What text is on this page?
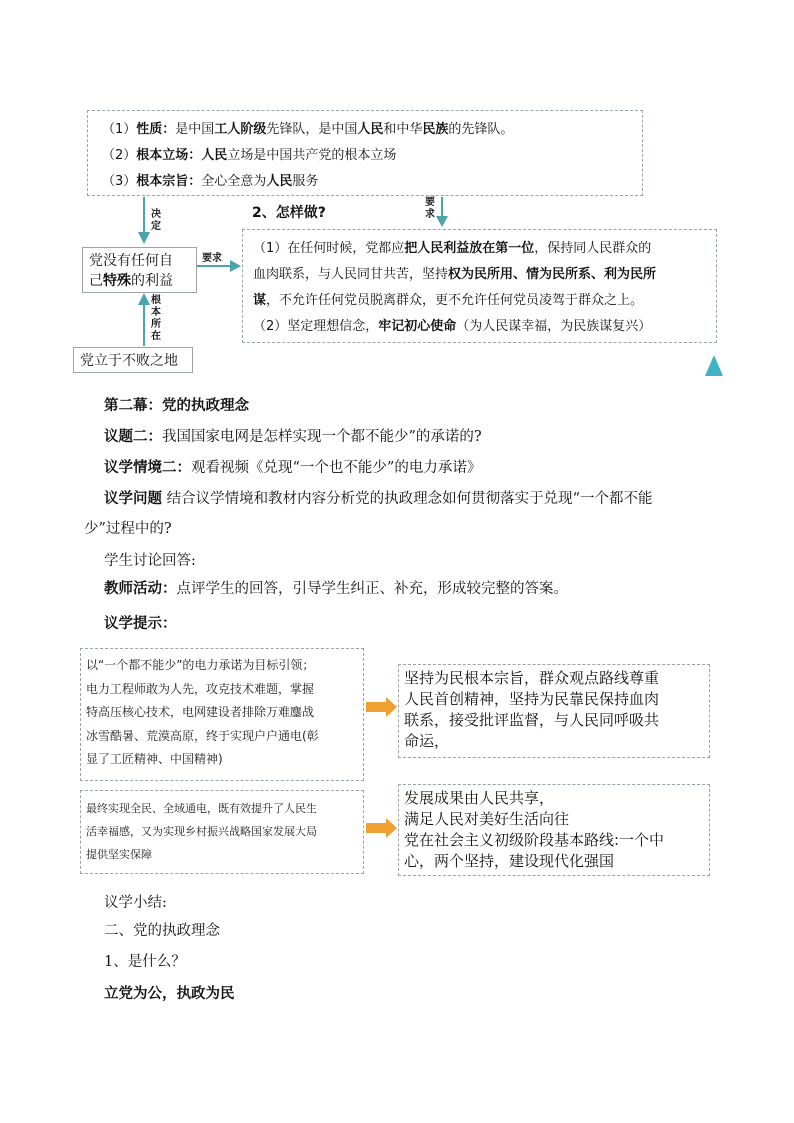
（1）性质：是中国工人阶级先锋队，是中国人民和中华民族的先锋队。
（2）根本立场：人民立场是中国共产党的根本立场
（3）根本宗旨：全心全意为人民服务
决定
要求
要求
根本所在
2、怎样做?
党没有任何自
己特殊的利益
党立于不败之地
（1）在任何时候，党都应把人民利益放在第一位，保持同人民群众的
血肉联系，与人民同甘共苦，坚持权为民所用、情为民所系、利为民所
谋，不允许任何党员脱离群众，更不允许任何党员凌驾于群众之上。
（2）坚定理想信念，牢记初心使命（为人民谋幸福，为民族谋复兴）
第二幕：党的执政理念
议题二：我国国家电网是怎样实现一个都不能少”的承诺的?
议学情境二：观看视频《兑现“一个也不能少”的电力承诺》
议学问题 结合议学情境和教材内容分析党的执政理念如何贯彻落实于兑现“一个都不能
少”过程中的?
学生讨论回答:
教师活动：点评学生的回答，引导学生纠正、补充，形成较完整的答案。
议学提示：
以“一个都不能少”的电力承诺为目标引领；
电力工程师敢为人先，攻克技术难题，掌握
特高压核心技术，电网建设者排除万难鏖战
冰雪酷暑、荒漠高原，终于实现户户通电(彰
显了工匠精神、中国精神)
坚持为民根本宗旨，群众观点路线尊重
人民首创精神，坚持为民靠民保持血肉
联系，接受批评监督，与人民同呼吸共
命运，
最终实现全民、全域通电，既有效提升了人民生
活幸福感，又为实现乡村振兴战略国家发展大局
提供坚实保障
发展成果由人民共享，
满足人民对美好生活向往
党在社会主义初级阶段基本路线:一个中
心，两个坚持，建设现代化强国
议学小结:
二、党的执政理念
1、是什么？
立党为公，执政为民
